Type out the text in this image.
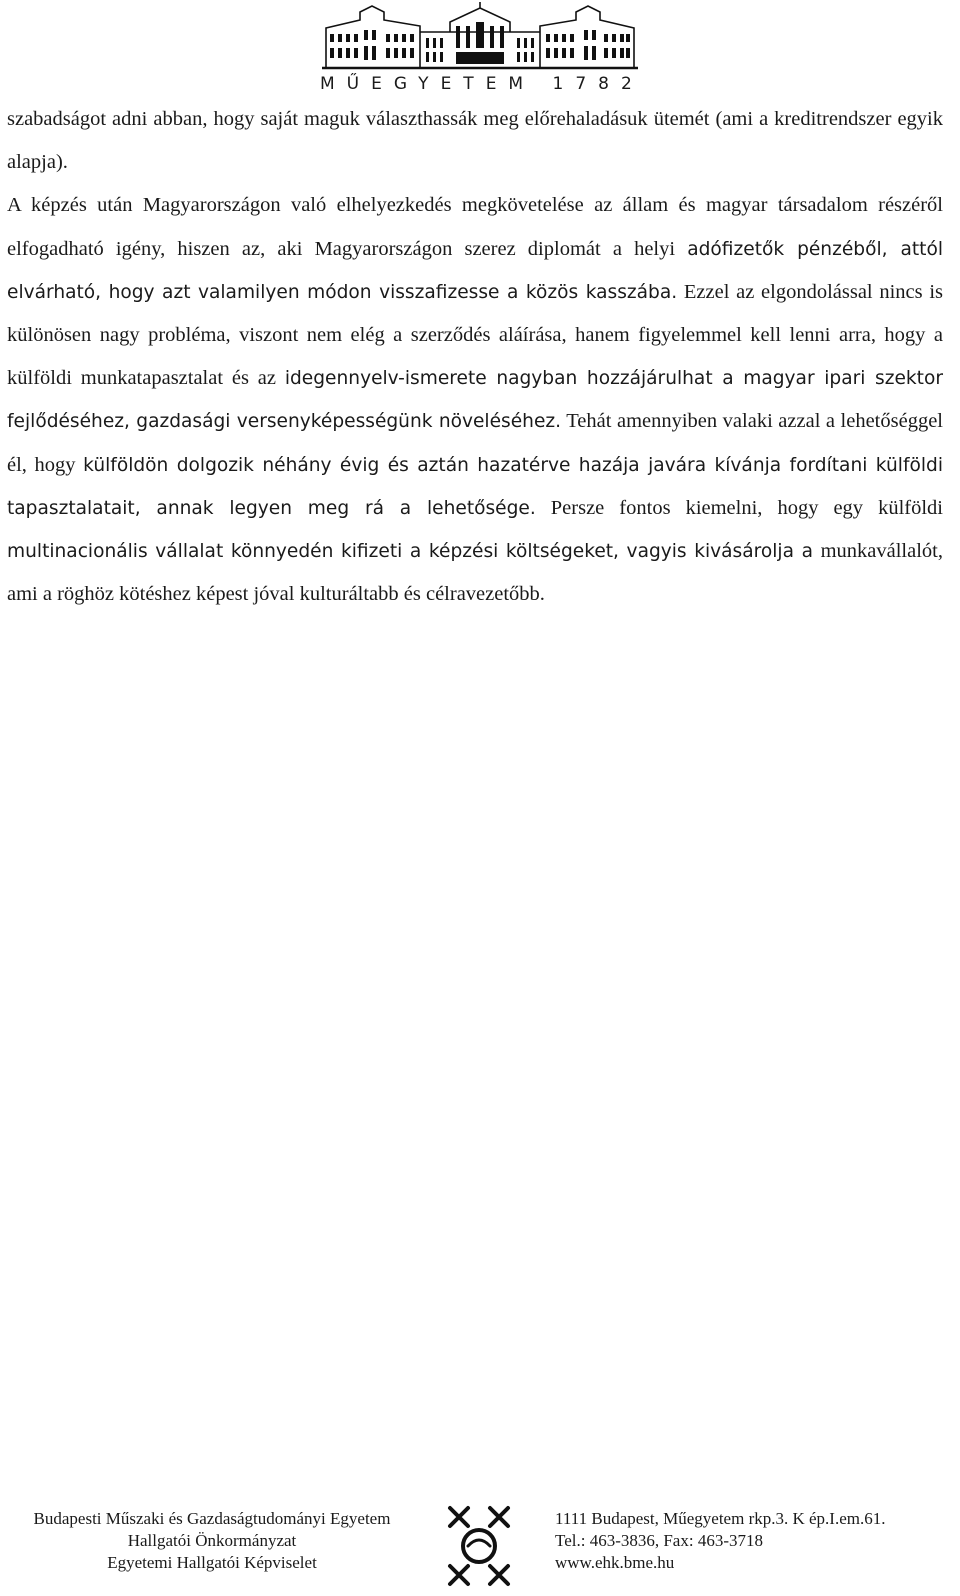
MŰEGYETEM 1782

szabadságot adni abban, hogy saját maguk választhassák meg előrehaladásuk ütemét (ami a kreditrendszer egyik alapja).

A képzés után Magyarországon való elhelyezkedés megkövetelése az állam és magyar társadalom részéről elfogadható igény, hiszen az, aki Magyarországon szerez diplomát a helyi adófizetők pénzéből, attól elvárható, hogy azt valamilyen módon visszafizesse a közös kasszába. Ezzel az elgondolással nincs is különösen nagy probléma, viszont nem elég a szerződés aláírása, hanem figyelemmel kell lenni arra, hogy a külföldi munkatapasztalat és az idegennyelv-ismerete nagyban hozzájárulhat a magyar ipari szektor fejlődéséhez, gazdasági versenyképességünk növeléséhez. Tehát amennyiben valaki azzal a lehetőséggel él, hogy külföldön dolgozik néhány évig és aztán hazatérve hazája javára kívánja fordítani külföldi tapasztalatait, annak legyen meg rá a lehetősége. Persze fontos kiemelni, hogy egy külföldi multinacionális vállalat könnyedén kifizeti a képzési költségeket, vagyis kivásárolja a munkavállalót, ami a röghöz kötéshez képest jóval kulturáltabb és célravezetőbb.

Budapesti Műszaki és Gazdaságtudományi Egyetem
Hallgatói Önkormányzat
Egyetemi Hallgatói Képviselet
1111 Budapest, Műegyetem rkp.3. K ép.I.em.61.
Tel.: 463-3836, Fax: 463-3718
www.ehk.bme.hu
